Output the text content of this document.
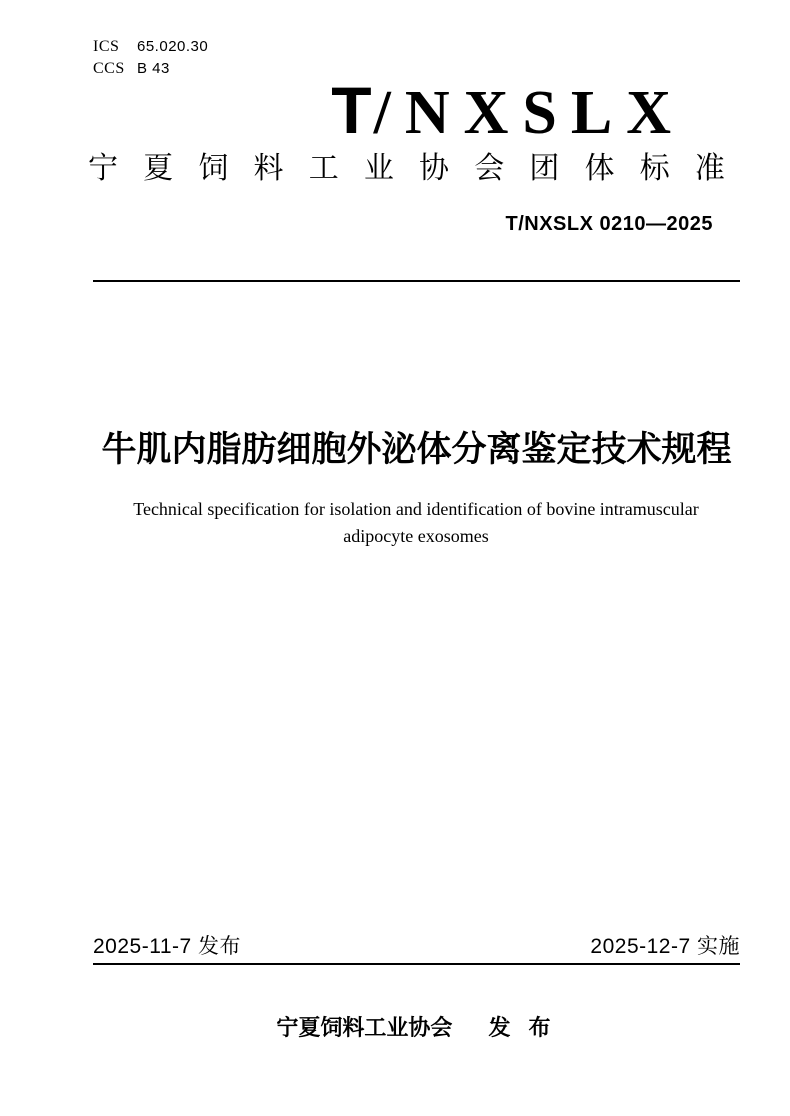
ICS	65.020.30
CCS B 43
T/NXSLX
宁 夏 饲 料 工 业 协 会 团 体 标 准
T/NXSLX 0210—2025
牛肌内脂肪细胞外泌体分离鉴定技术规程

Technical specification for isolation and identification of bovine intramuscular adipocyte exosomes

2025-11-7 发布	2025-12-7 实施
宁夏饲料工业协会 发 布
